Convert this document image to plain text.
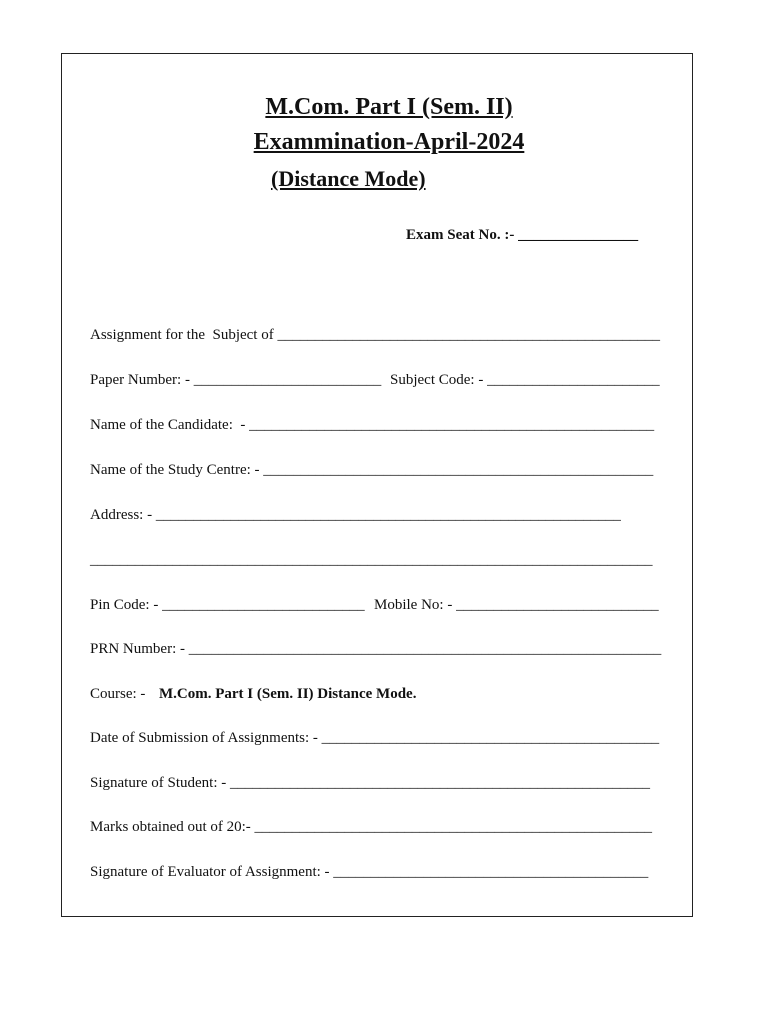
M.Com. Part I (Sem. II)
Exammination-April-2024
(Distance Mode)
Exam Seat No. :- ________________
Assignment for the  Subject of ___________________________________________________
Paper Number: - _________________________ Subject Code: - _______________________
Name of the Candidate:  - ______________________________________________________
Name of the Study Centre: - ____________________________________________________
Address: - ______________________________________________________________
___________________________________________________________________________
Pin Code: - ___________________________ Mobile No: - ___________________________
PRN Number: - _______________________________________________________________
Course: - M.Com. Part I (Sem. II) Distance Mode.
Date of Submission of Assignments: - _____________________________________________
Signature of Student: - ________________________________________________________
Marks obtained out of 20:- _____________________________________________________
Signature of Evaluator of Assignment: - __________________________________________
